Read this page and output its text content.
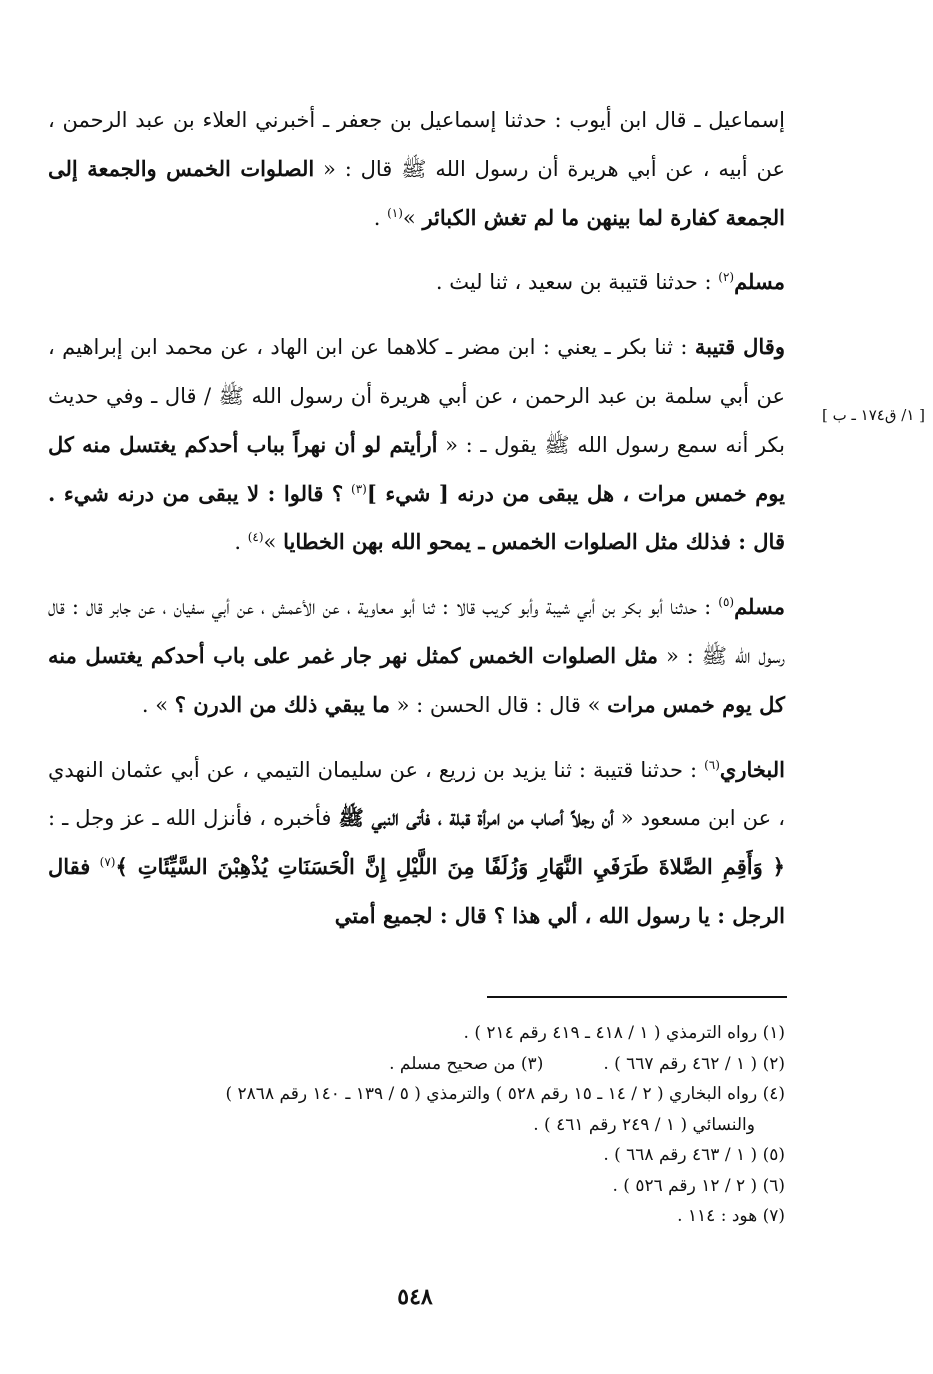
إسماعيل ـ قال ابن أيوب : حدثنا إسماعيل بن جعفر ـ أخبرني العلاء بن عبد الرحمن ، عن أبيه ، عن أبي هريرة أن رسول الله ﷺ قال : « الصلوات الخمس والجمعة إلى الجمعة كفارة لما بينهن ما لم تغش الكبائر »$^{(١)}$ .

مسلم$^{(٢)}$ : حدثنا قتيبة بن سعيد ، ثنا ليث .

وقال قتيبة : ثنا بكر ـ يعني : ابن مضر ـ كلاهما عن ابن الهاد ، عن محمد ابن إبراهيم ، عن أبي سلمة بن عبد الرحمن ، عن أبي هريرة أن رسول الله ﷺ / قال ـ وفي حديث بكر أنه سمع رسول الله ﷺ يقول ـ : « أرأيتم لو أن نهراً بباب أحدكم يغتسل منه كل يوم خمس مرات ، هل يبقى من درنه [ شيء ]$^{(٣)}$ ؟ قالوا : لا يبقى من درنه شيء . قال : فذلك مثل الصلوات الخمس ـ يمحو الله بهن الخطايا »$^{(٤)}$ .

مسلم$^{(٥)}$ : حدثنا أبو بكر بن أبي شيبة وأبو كريب قالا : ثنا أبو معاوية ، عن الأعمش ، عن أبي سفيان ، عن جابر قال : قال رسول الله ﷺ : « مثل الصلوات الخمس كمثل نهر جار غمر على باب أحدكم يغتسل منه كل يوم خمس مرات » قال : قال الحسن : « ما يبقي ذلك من الدرن ؟ » .

البخاري$^{(٦)}$ : حدثنا قتيبة : ثنا يزيد بن زريع ، عن سليمان التيمي ، عن أبي عثمان النهدي ، عن ابن مسعود « أن رجلاً أصاب من امرأة قبلة ، فأتى النبي ﷺ فأخبره ، فأنزل الله ـ عز وجل ـ : ﴿ وَأَقِمِ الصَّلاةَ طَرَفَيِ النَّهَارِ وَزُلَفًا مِنَ اللَّيْلِ إِنَّ الْحَسَنَاتِ يُذْهِبْنَ السَّيِّئَاتِ ﴾$^{(٧)}$ فقال الرجل : يا رسول الله ، ألي هذا ؟ قال : لجميع أمتي

[ ١/ ق١٧٤ ـ ب ]
(١) رواه الترمذي ( ١ / ٤١٨ ـ ٤١٩ رقم ٢١٤ ) .
(٢) ( ١ / ٤٦٢ رقم ٦٦٧ ) .
(٣) من صحيح مسلم .
(٤) رواه البخاري ( ٢ / ١٤ ـ ١٥ رقم ٥٢٨ ) والترمذي ( ٥ / ١٣٩ ـ ١٤٠ رقم ٢٨٦٨ )
والنسائي ( ١ / ٢٤٩ رقم ٤٦١ ) .
(٥) ( ١ / ٤٦٣ رقم ٦٦٨ ) .
(٦) ( ٢ / ١٢ رقم ٥٢٦ ) .
(٧) هود : ١١٤ .
٥٤٨
